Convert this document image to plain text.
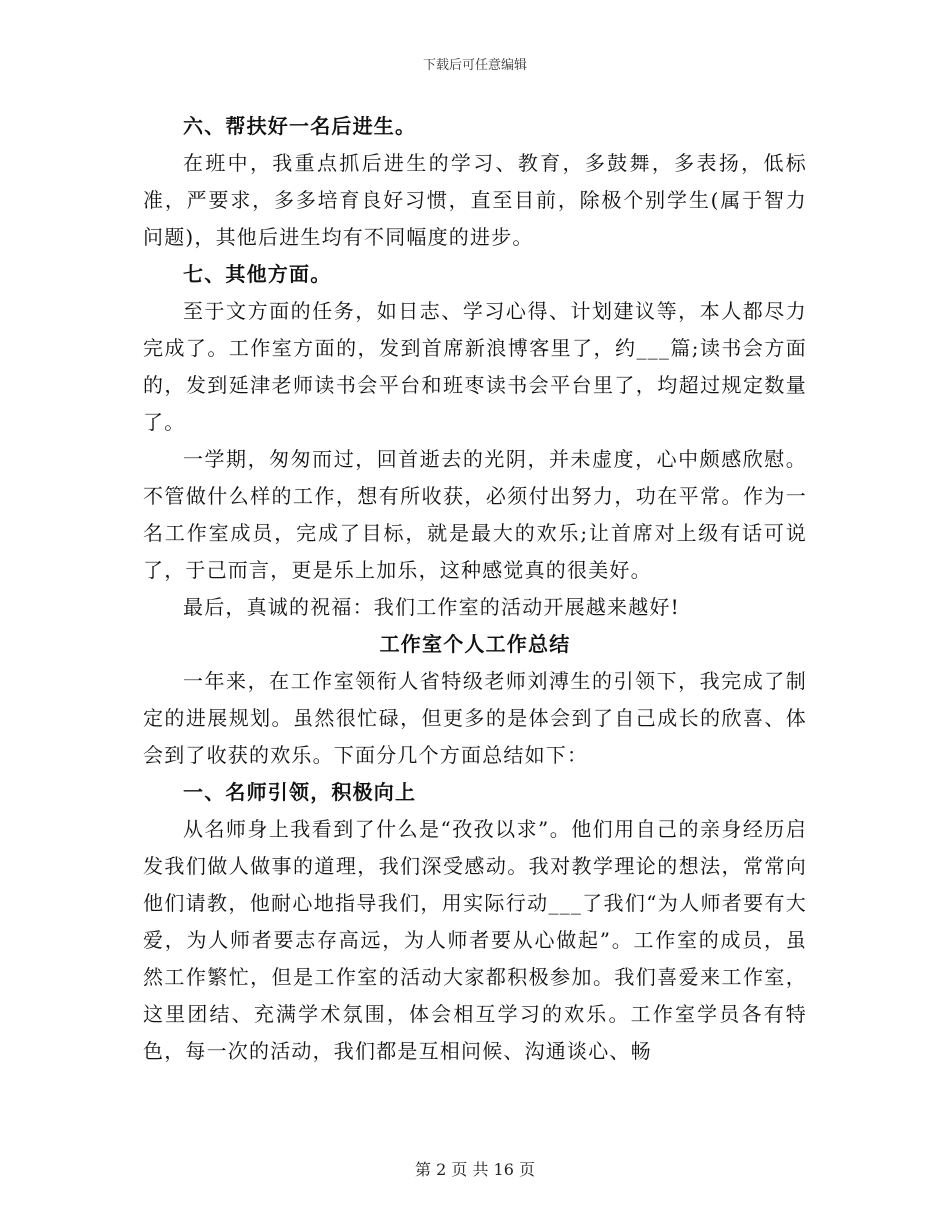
下载后可任意编辑
六、帮扶好一名后进生。

在班中，我重点抓后进生的学习、教育，多鼓舞，多表扬，低标准，严要求，多多培育良好习惯，直至目前，除极个别学生(属于智力问题)，其他后进生均有不同幅度的进步。

七、其他方面。

至于文方面的任务，如日志、学习心得、计划建议等，本人都尽力完成了。工作室方面的，发到首席新浪博客里了，约___篇;读书会方面的，发到延津老师读书会平台和班枣读书会平台里了，均超过规定数量了。

一学期，匆匆而过，回首逝去的光阴，并未虚度，心中颇感欣慰。不管做什么样的工作，想有所收获，必须付出努力，功在平常。作为一名工作室成员，完成了目标，就是最大的欢乐;让首席对上级有话可说了，于己而言，更是乐上加乐，这种感觉真的很美好。

最后，真诚的祝福：我们工作室的活动开展越来越好!

工作室个人工作总结

一年来，在工作室领衔人省特级老师刘溥生的引领下，我完成了制定的进展规划。虽然很忙碌，但更多的是体会到了自己成长的欣喜、体会到了收获的欢乐。下面分几个方面总结如下：

一、名师引领，积极向上

从名师身上我看到了什么是“孜孜以求”。他们用自己的亲身经历启发我们做人做事的道理，我们深受感动。我对教学理论的想法，常常向他们请教，他耐心地指导我们，用实际行动___了我们“为人师者要有大爱，为人师者要志存高远，为人师者要从心做起”。工作室的成员，虽然工作繁忙，但是工作室的活动大家都积极参加。我们喜爱来工作室，这里团结、充满学术氛围，体会相互学习的欢乐。工作室学员各有特色，每一次的活动，我们都是互相问候、沟通谈心、畅

第 2 页 共 16 页
